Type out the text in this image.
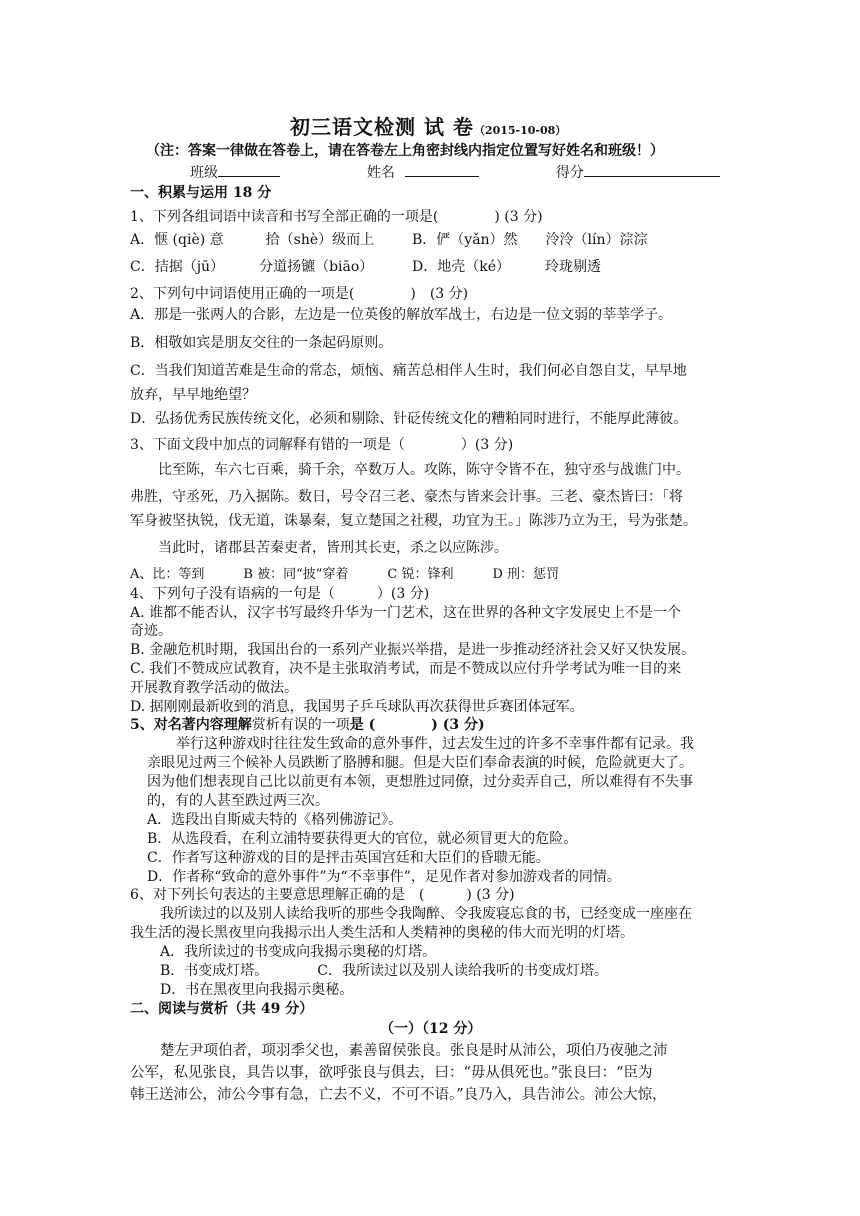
初三语文检测 试 卷（2015-10-08）
（注：答案一律做在答卷上，请在答卷左上角密封线内指定位置写好姓名和班级！）
班级	姓名	得分
一、积累与运用 18 分
1、下列各组词语中读音和书写全部正确的一项是(　　　　) (3 分)
A．惬 (qiè) 意　　　拾（shè）级而上	B．俨（yǎn）然　　泠泠（lín）淙淙
C．拮据（jū）　　　分道扬镳（biāo）	D．地壳（ké）　　　玲珑剔透
2、下列句中词语使用正确的一项是(　　　　)　(3 分)
A．那是一张两人的合影，左边是一位英俊的解放军战士，右边是一位文弱的莘莘学子。
B．相敬如宾是朋友交往的一条起码原则。
C．当我们知道苦难是生命的常态，烦恼、痛苦总相伴人生时，我们何必自怨自艾，早早地
放弃，早早地绝望？
D．弘扬优秀民族传统文化，必须和剔除、针砭传统文化的糟粕同时进行，不能厚此薄彼。
3、下面文段中加点的词解释有错的一项是（　　　　）(3 分)
比至陈，车六七百乘，骑千余，卒数万人。攻陈，陈守令皆不在，独守丞与战谯门中。
弗胜，守丞死，乃入据陈。数日，号令召三老、豪杰与皆来会计事。三老、豪杰皆曰：「将
军身被坚执锐，伐无道，诛暴秦，复立楚国之社稷，功宜为王。」陈涉乃立为王，号为张楚。
当此时，诸郡县苦秦吏者，皆刑其长吏，杀之以应陈涉。
A、比：等到　　　B 被：同“披”穿着　　　C 锐：锋利　　　D 刑：惩罚
4、下列句子没有语病的一句是（　　　）(3 分)
A. 谁都不能否认，汉字书写最终升华为一门艺术，这在世界的各种文字发展史上不是一个
奇迹。
B. 金融危机时期，我国出台的一系列产业振兴举措，是进一步推动经济社会又好又快发展。
C. 我们不赞成应试教育，决不是主张取消考试，而是不赞成以应付升学考试为唯一目的来
开展教育教学活动的做法。
D. 据刚刚最新收到的消息，我国男子乒乓球队再次获得世乒赛团体冠军。
5、对名著内容理解赏析有误的一项是 (　　　　) (3 分)
举行这种游戏时往往发生致命的意外事件，过去发生过的许多不幸事件都有记录。我
亲眼见过两三个候补人员跌断了胳膊和腿。但是大臣们奉命表演的时候，危险就更大了。
因为他们想表现自己比以前更有本领，更想胜过同僚，过分卖弄自己，所以难得有不失事
的，有的人甚至跌过两三次。
A．选段出自斯威夫特的《格列佛游记》。
B．从选段看，在利立浦特要获得更大的官位，就必须冒更大的危险。
C．作者写这种游戏的目的是抨击英国宫廷和大臣们的昏聩无能。
D．作者称“致命的意外事件”为“不幸事件”，足见作者对参加游戏者的同情。
6、对下列长句表达的主要意思理解正确的是　(　　　) (3 分)
我所读过的以及别人读给我听的那些令我陶醉、令我废寝忘食的书，已经变成一座座在
我生活的漫长黑夜里向我揭示出人类生活和人类精神的奥秘的伟大而光明的灯塔。
A．我所读过的书变成向我揭示奥秘的灯塔。
B．书变成灯塔。　　　　C．我所读过以及别人读给我听的书变成灯塔。
D．书在黑夜里向我揭示奥秘。
二、阅读与赏析（共 49 分）
（一）（12 分）
楚左尹项伯者，项羽季父也，素善留侯张良。张良是时从沛公，项伯乃夜驰之沛
公军，私见张良，具告以事，欲呼张良与俱去，曰：“毋从俱死也。”张良曰：“臣为
韩王送沛公，沛公今事有急，亡去不义，不可不语。”良乃入，具告沛公。沛公大惊，
